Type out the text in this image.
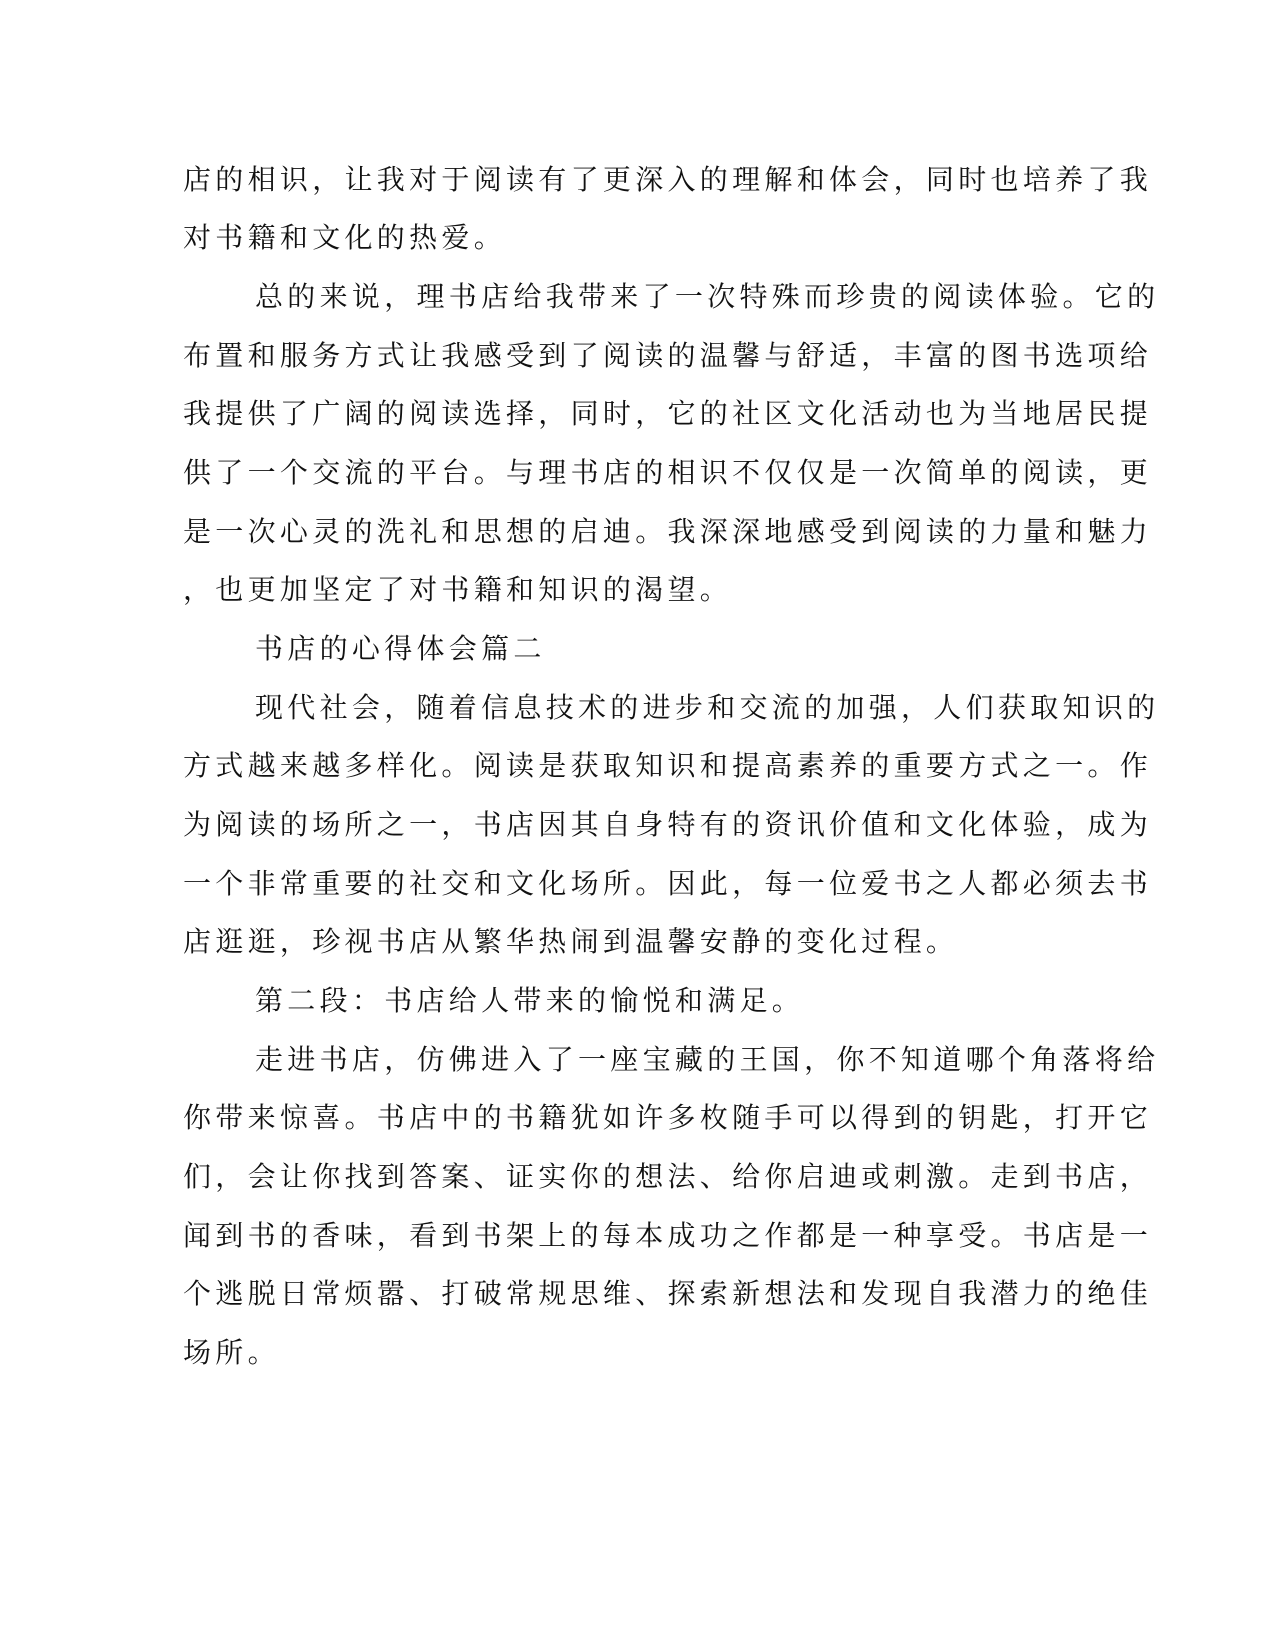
店的相识，让我对于阅读有了更深入的理解和体会，同时也培养了我
对书籍和文化的热爱。
总的来说，理书店给我带来了一次特殊而珍贵的阅读体验。它的
布置和服务方式让我感受到了阅读的温馨与舒适，丰富的图书选项给
我提供了广阔的阅读选择，同时，它的社区文化活动也为当地居民提
供了一个交流的平台。与理书店的相识不仅仅是一次简单的阅读，更
是一次心灵的洗礼和思想的启迪。我深深地感受到阅读的力量和魅力
，也更加坚定了对书籍和知识的渴望。
书店的心得体会篇二
现代社会，随着信息技术的进步和交流的加强，人们获取知识的
方式越来越多样化。阅读是获取知识和提高素养的重要方式之一。作
为阅读的场所之一，书店因其自身特有的资讯价值和文化体验，成为
一个非常重要的社交和文化场所。因此，每一位爱书之人都必须去书
店逛逛，珍视书店从繁华热闹到温馨安静的变化过程。
第二段：书店给人带来的愉悦和满足。
走进书店，仿佛进入了一座宝藏的王国，你不知道哪个角落将给
你带来惊喜。书店中的书籍犹如许多枚随手可以得到的钥匙，打开它
们，会让你找到答案、证实你的想法、给你启迪或刺激。走到书店，
闻到书的香味，看到书架上的每本成功之作都是一种享受。书店是一
个逃脱日常烦嚣、打破常规思维、探索新想法和发现自我潜力的绝佳
场所。
